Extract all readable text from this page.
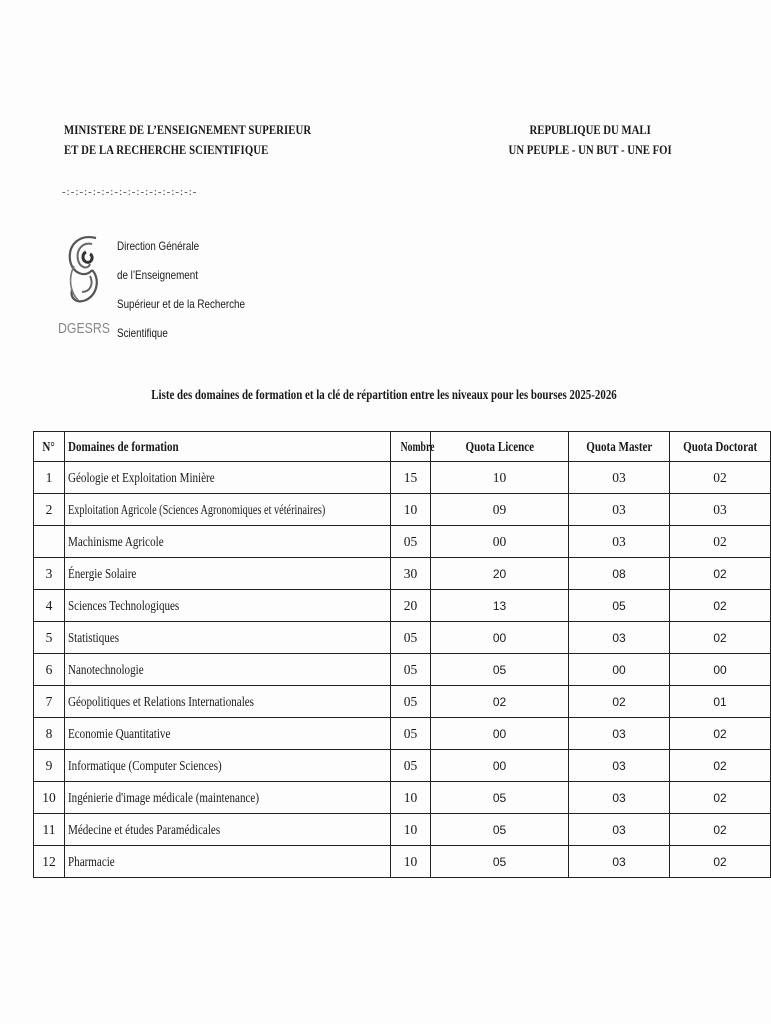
MINISTERE DE L’ENSEIGNEMENT SUPERIEUR
ET DE LA RECHERCHE SCIENTIFIQUE
REPUBLIQUE DU MALI
UN PEUPLE - UN BUT - UNE FOI
-:-:-:-:-:-:-:-:-:-:-:-:-:-:-:-
DGESRS
Direction Générale
de l’Enseignement
Supérieur et de la Recherche
Scientifique
Liste des domaines de formation et la clé de répartition entre les niveaux pour les bourses 2025-2026
N°	Domaines de formation	Nombre	Quota Licence	Quota Master	Quota Doctorat
1	Géologie et Exploitation Minière	15	10	03	02
2	Exploitation Agricole (Sciences Agronomiques et vétérinaires)	10	09	03	03
	Machinisme Agricole	05	00	03	02
3	Énergie Solaire	30	20	08	02
4	Sciences Technologiques	20	13	05	02
5	Statistiques	05	00	03	02
6	Nanotechnologie	05	05	00	00
7	Géopolitiques et Relations Internationales	05	02	02	01
8	Economie Quantitative	05	00	03	02
9	Informatique (Computer Sciences)	05	00	03	02
10	Ingénierie d'image médicale (maintenance)	10	05	03	02
11	Médecine et études Paramédicales	10	05	03	02
12	Pharmacie	10	05	03	02
